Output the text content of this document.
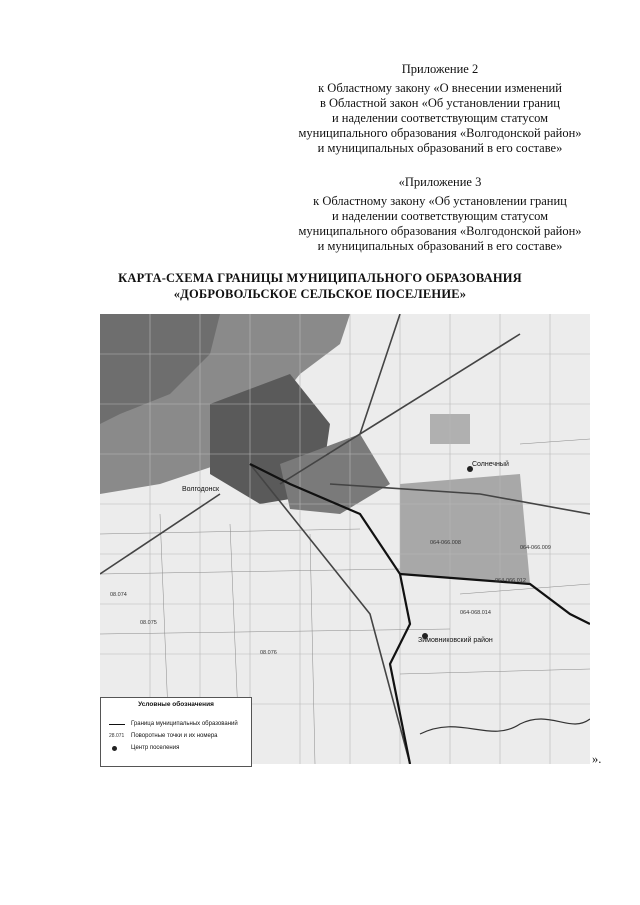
Приложение 2
к Областному закону «О внесении изменений
в Областной закон «Об установлении границ
и наделении соответствующим статусом
муниципального образования «Волгодонской район»
и муниципальных образований в его составе»
«Приложение 3
к Областному закону «Об установлении границ
и наделении соответствующим статусом
муниципального образования «Волгодонской район»
и муниципальных образований в его составе»
КАРТА-СХЕМА ГРАНИЦЫ МУНИЦИПАЛЬНОГО ОБРАЗОВАНИЯ
«ДОБРОВОЛЬСКОЕ СЕЛЬСКОЕ ПОСЕЛЕНИЕ»
Волгодонск
Солнечный
Зимовниковский район
064-066.008
064-066.009
064-066.012
064-068.014
08.074
08.075
08.076
Условные обозначения
Граница муниципальных образований
28.071	Поворотные точки и их номера
Центр поселения
».
